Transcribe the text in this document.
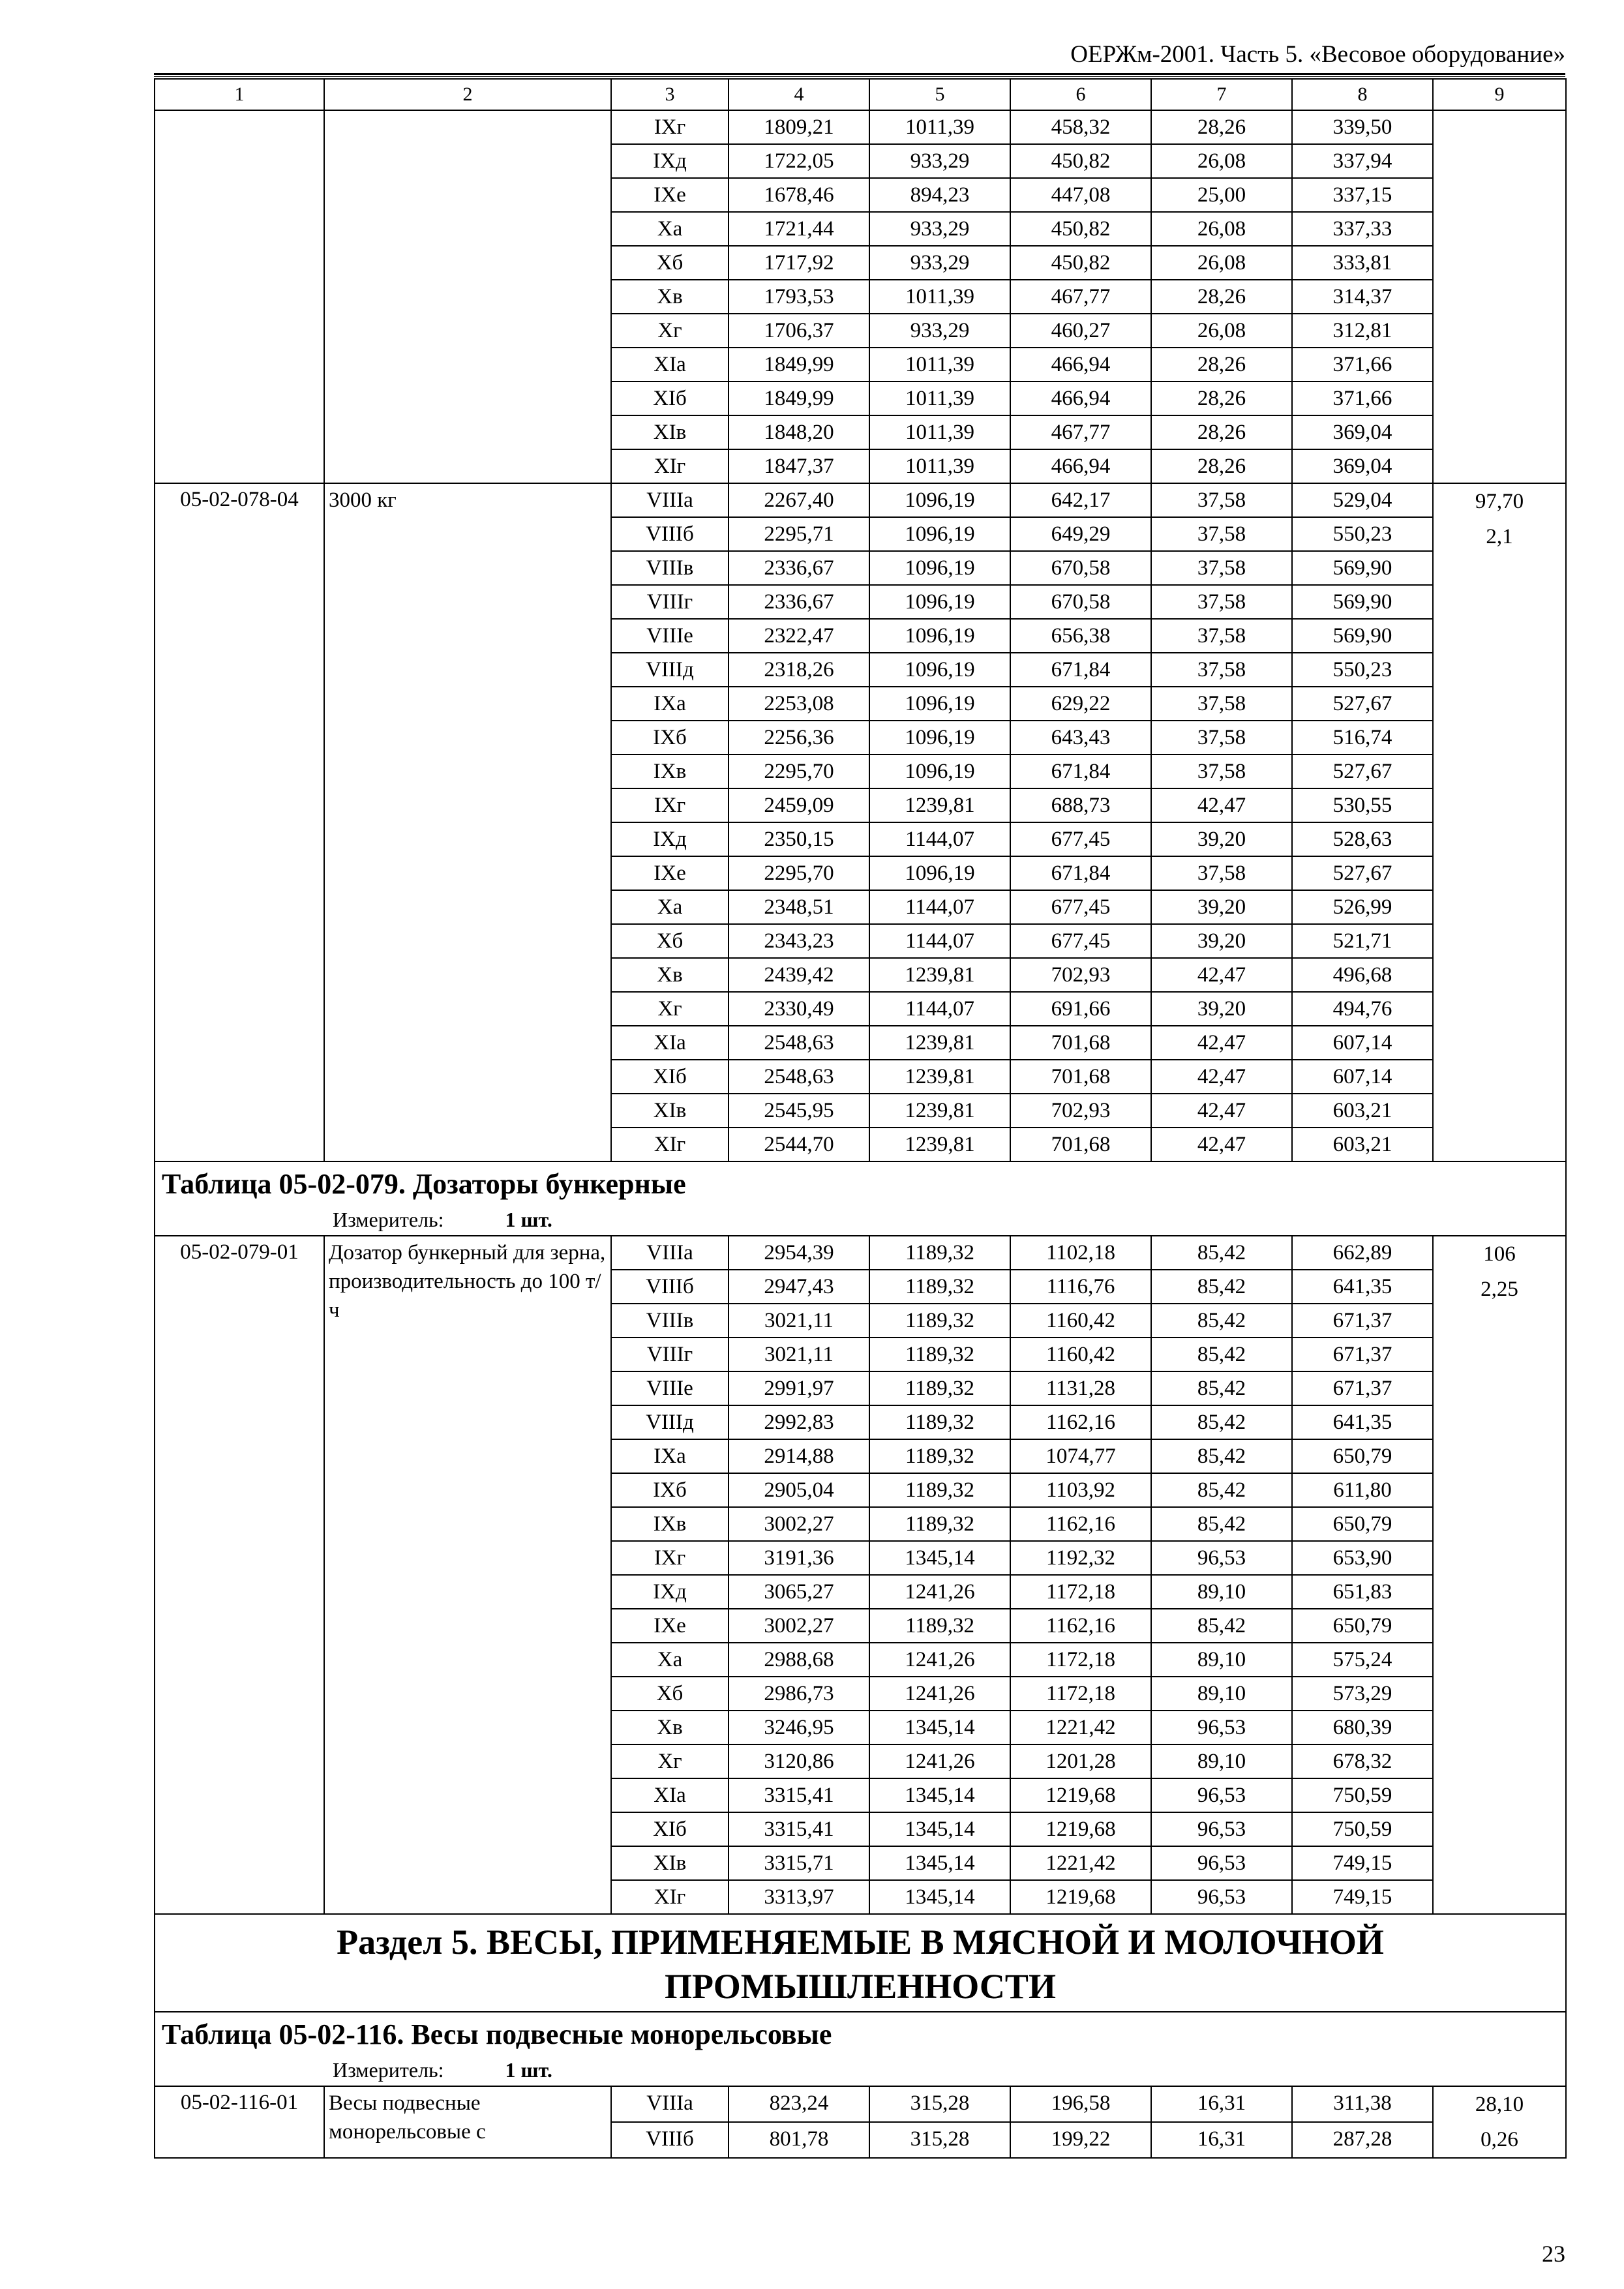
ОЕРЖм-2001. Часть 5. «Весовое оборудование»
1	2	3	4	5	6	7	8	9
		IXг	1809,21	1011,39	458,32	28,26	339,50	

		IXд	1722,05	933,29	450,82	26,08	337,94	
		IXе	1678,46	894,23	447,08	25,00	337,15	
		Xа	1721,44	933,29	450,82	26,08	337,33	
		Xб	1717,92	933,29	450,82	26,08	333,81	
		Xв	1793,53	1011,39	467,77	28,26	314,37	
		Xг	1706,37	933,29	460,27	26,08	312,81	
		XIа	1849,99	1011,39	466,94	28,26	371,66	
		XIб	1849,99	1011,39	466,94	28,26	371,66	
		XIв	1848,20	1011,39	467,77	28,26	369,04	
		XIг	1847,37	1011,39	466,94	28,26	369,04	
05-02-078-04	3000 кг	VIIIа	2267,40	1096,19	642,17	37,58	529,04	97,70
2,1

		VIIIб	2295,71	1096,19	649,29	37,58	550,23	
		VIIIв	2336,67	1096,19	670,58	37,58	569,90	
		VIIIг	2336,67	1096,19	670,58	37,58	569,90	
		VIIIе	2322,47	1096,19	656,38	37,58	569,90	
		VIIIд	2318,26	1096,19	671,84	37,58	550,23	
		IXа	2253,08	1096,19	629,22	37,58	527,67	
		IXб	2256,36	1096,19	643,43	37,58	516,74	
		IXв	2295,70	1096,19	671,84	37,58	527,67	
		IXг	2459,09	1239,81	688,73	42,47	530,55	
		IXд	2350,15	1144,07	677,45	39,20	528,63	
		IXе	2295,70	1096,19	671,84	37,58	527,67	
		Xа	2348,51	1144,07	677,45	39,20	526,99	
		Xб	2343,23	1144,07	677,45	39,20	521,71	
		Xв	2439,42	1239,81	702,93	42,47	496,68	
		Xг	2330,49	1144,07	691,66	39,20	494,76	
		XIа	2548,63	1239,81	701,68	42,47	607,14	
		XIб	2548,63	1239,81	701,68	42,47	607,14	
		XIв	2545,95	1239,81	702,93	42,47	603,21	
		XIг	2544,70	1239,81	701,68	42,47	603,21	

Таблица 05-02-079. Дозаторы бункерные
Измеритель: 1 шт.								

05-02-079-01	Дозатор бункерный для зерна, производительность до 100 т/ч	VIIIа	2954,39	1189,32	1102,18	85,42	662,89	106
2,25

		VIIIб	2947,43	1189,32	1116,76	85,42	641,35	
		VIIIв	3021,11	1189,32	1160,42	85,42	671,37	
		VIIIг	3021,11	1189,32	1160,42	85,42	671,37	
		VIIIе	2991,97	1189,32	1131,28	85,42	671,37	
		VIIIд	2992,83	1189,32	1162,16	85,42	641,35	
		IXа	2914,88	1189,32	1074,77	85,42	650,79	
		IXб	2905,04	1189,32	1103,92	85,42	611,80	
		IXв	3002,27	1189,32	1162,16	85,42	650,79	
		IXг	3191,36	1345,14	1192,32	96,53	653,90	
		IXд	3065,27	1241,26	1172,18	89,10	651,83	
		IXе	3002,27	1189,32	1162,16	85,42	650,79	
		Xа	2988,68	1241,26	1172,18	89,10	575,24	
		Xб	2986,73	1241,26	1172,18	89,10	573,29	
		Xв	3246,95	1345,14	1221,42	96,53	680,39	
		Xг	3120,86	1241,26	1201,28	89,10	678,32	
		XIа	3315,41	1345,14	1219,68	96,53	750,59	
		XIб	3315,41	1345,14	1219,68	96,53	750,59	
		XIв	3315,71	1345,14	1221,42	96,53	749,15	
		XIг	3313,97	1345,14	1219,68	96,53	749,15	

Раздел 5. ВЕСЫ, ПРИМЕНЯЕМЫЕ В МЯСНОЙ И МОЛОЧНОЙ
ПРОМЫШЛЕННОСТИ								

Таблица 05-02-116. Весы подвесные монорельсовые
Измеритель: 1 шт.								

05-02-116-01	Весы подвесные монорельсовые с	VIIIа	823,24	315,28	196,58	16,31	311,38	28,10
0,26

		VIIIб	801,78	315,28	199,22	16,31	287,28	
23
